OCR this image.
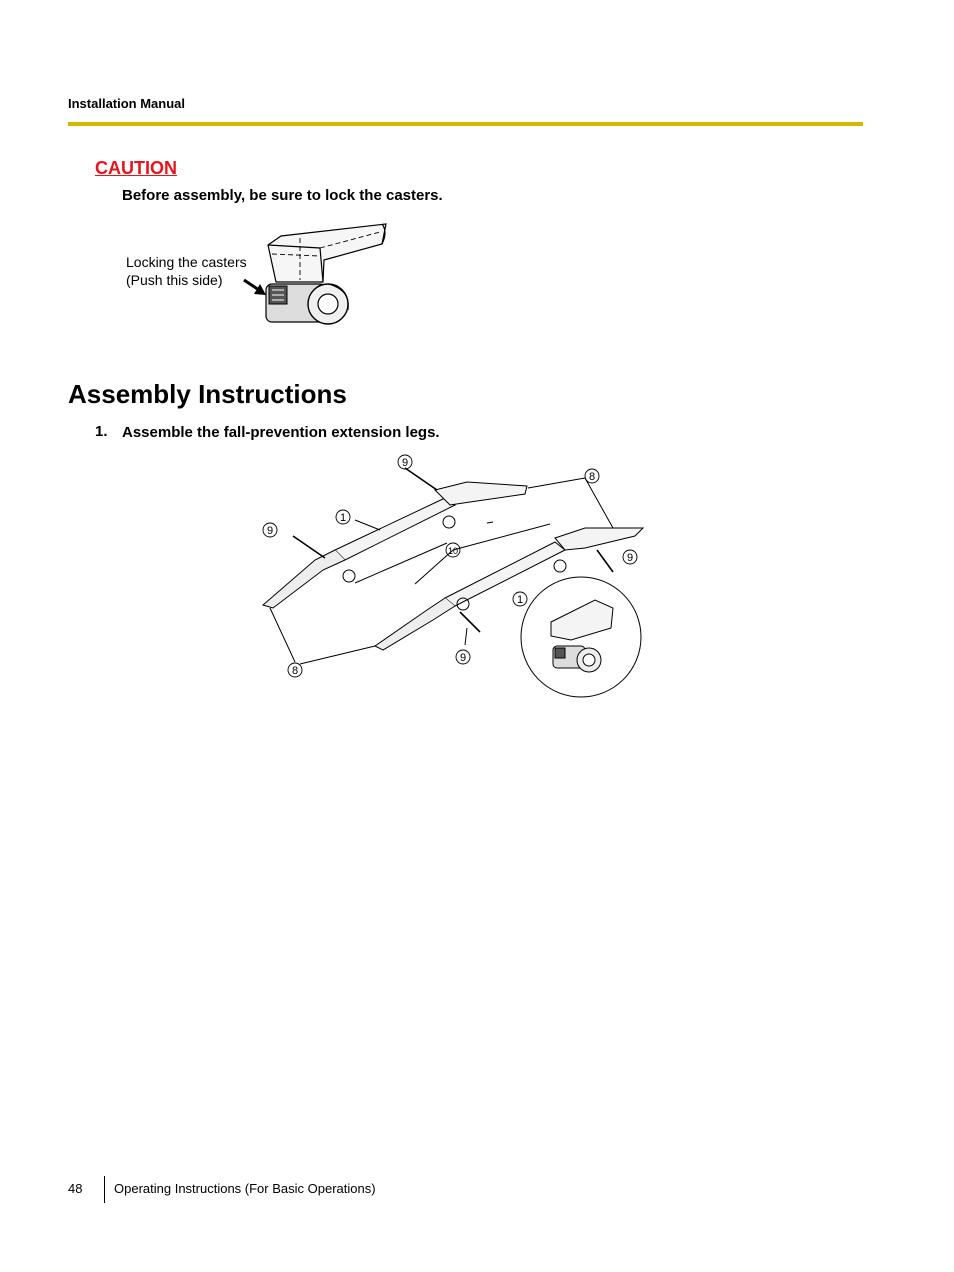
Installation Manual
CAUTION
Before assembly, be sure to lock the casters.
Locking the casters
(Push this side)
Assembly Instructions
1. Assemble the fall-prevention extension legs.
9
8
1
9
10
9
1
8
9
48 Operating Instructions (For Basic Operations)
